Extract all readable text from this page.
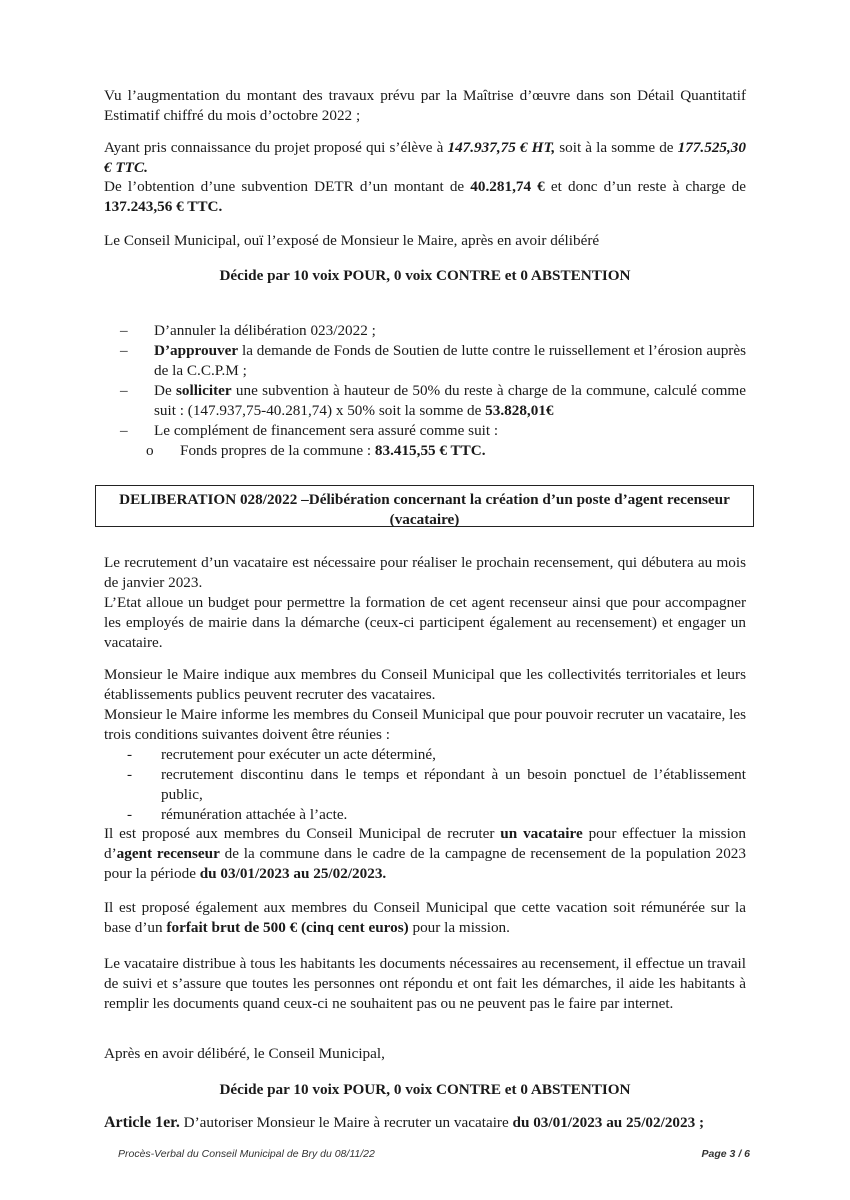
Vu l’augmentation du montant des travaux prévu par la Maîtrise d’œuvre dans son Détail Quantitatif Estimatif chiffré du mois d’octobre 2022 ;

Ayant pris connaissance du projet proposé qui s’élève à 147.937,75 € HT, soit à la somme de 177.525,30 € TTC.

De l’obtention d’une subvention DETR d’un montant de 40.281,74 € et donc d’un reste à charge de 137.243,56 € TTC.

Le Conseil Municipal, ouï l’exposé de Monsieur le Maire, après en avoir délibéré

Décide par 10 voix POUR, 0 voix CONTRE et 0 ABSTENTION

–	D’annuler la délibération 023/2022 ;
–	D’approuver la demande de Fonds de Soutien de lutte contre le ruissellement et l’érosion auprès de la C.C.P.M ;
–	De solliciter une subvention à hauteur de 50% du reste à charge de la commune, calculé comme suit : (147.937,75-40.281,74) x 50% soit la somme de 53.828,01€
–	Le complément de financement sera assuré comme suit :
o	Fonds propres de la commune : 83.415,55 € TTC.
DELIBERATION 028/2022 –Délibération concernant la création d’un poste d’agent recenseur
(vacataire)

Le recrutement d’un vacataire est nécessaire pour réaliser le prochain recensement, qui débutera au mois de janvier 2023.

L’Etat alloue un budget pour permettre la formation de cet agent recenseur ainsi que pour accompagner les employés de mairie dans la démarche (ceux-ci participent également au recensement) et engager un vacataire.

Monsieur le Maire indique aux membres du Conseil Municipal que les collectivités territoriales et leurs établissements publics peuvent recruter des vacataires.

Monsieur le Maire informe les membres du Conseil Municipal que pour pouvoir recruter un vacataire, les trois conditions suivantes doivent être réunies :

-	recrutement pour exécuter un acte déterminé,
-	recrutement discontinu dans le temps et répondant à un besoin ponctuel de l’établissement public,
-	rémunération attachée à l’acte.

Il est proposé aux membres du Conseil Municipal de recruter un vacataire pour effectuer la mission d’agent recenseur de la commune dans le cadre de la campagne de recensement de la population 2023 pour la période du 03/01/2023 au 25/02/2023.

Il est proposé également aux membres du Conseil Municipal que cette vacation soit rémunérée sur la base d’un forfait brut de 500 € (cinq cent euros) pour la mission.

Le vacataire distribue à tous les habitants les documents nécessaires au recensement, il effectue un travail de suivi et s’assure que toutes les personnes ont répondu et ont fait les démarches, il aide les habitants à remplir les documents quand ceux-ci ne souhaitent pas ou ne peuvent pas le faire par internet.

Après en avoir délibéré, le Conseil Municipal,

Décide par 10 voix POUR, 0 voix CONTRE et 0 ABSTENTION

Article 1er. D’autoriser Monsieur le Maire à recruter un vacataire du 03/01/2023 au 25/02/2023 ;

Procès-Verbal du Conseil Municipal de Bry du 08/11/22	Page 3 / 6
